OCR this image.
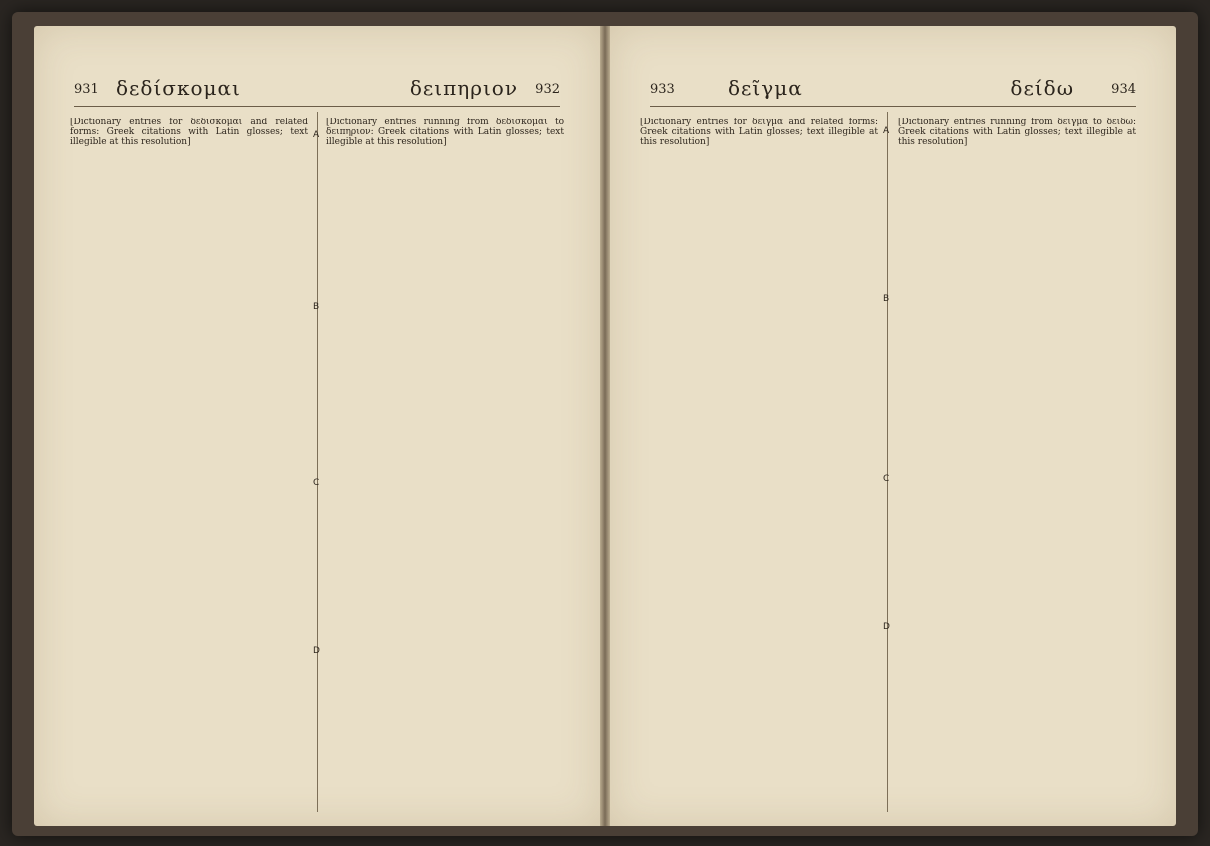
931 δεδίσκομαι	δειπηριον 932
[Dictionary entries for δεδίσκομαι and related forms: Greek citations with Latin glosses; text illegible at this resolution]
[Dictionary entries running from δεδίσκομαι to δειπηριον: Greek citations with Latin glosses; text illegible at this resolution]
A
B
C
D
933	δεῖγμα	δείδω	934
[Dictionary entries for δεῖγμα and related forms: Greek citations with Latin glosses; text illegible at this resolution]
[Dictionary entries running from δεῖγμα to δείδω: Greek citations with Latin glosses; text illegible at this resolution]
A
B
C
D
